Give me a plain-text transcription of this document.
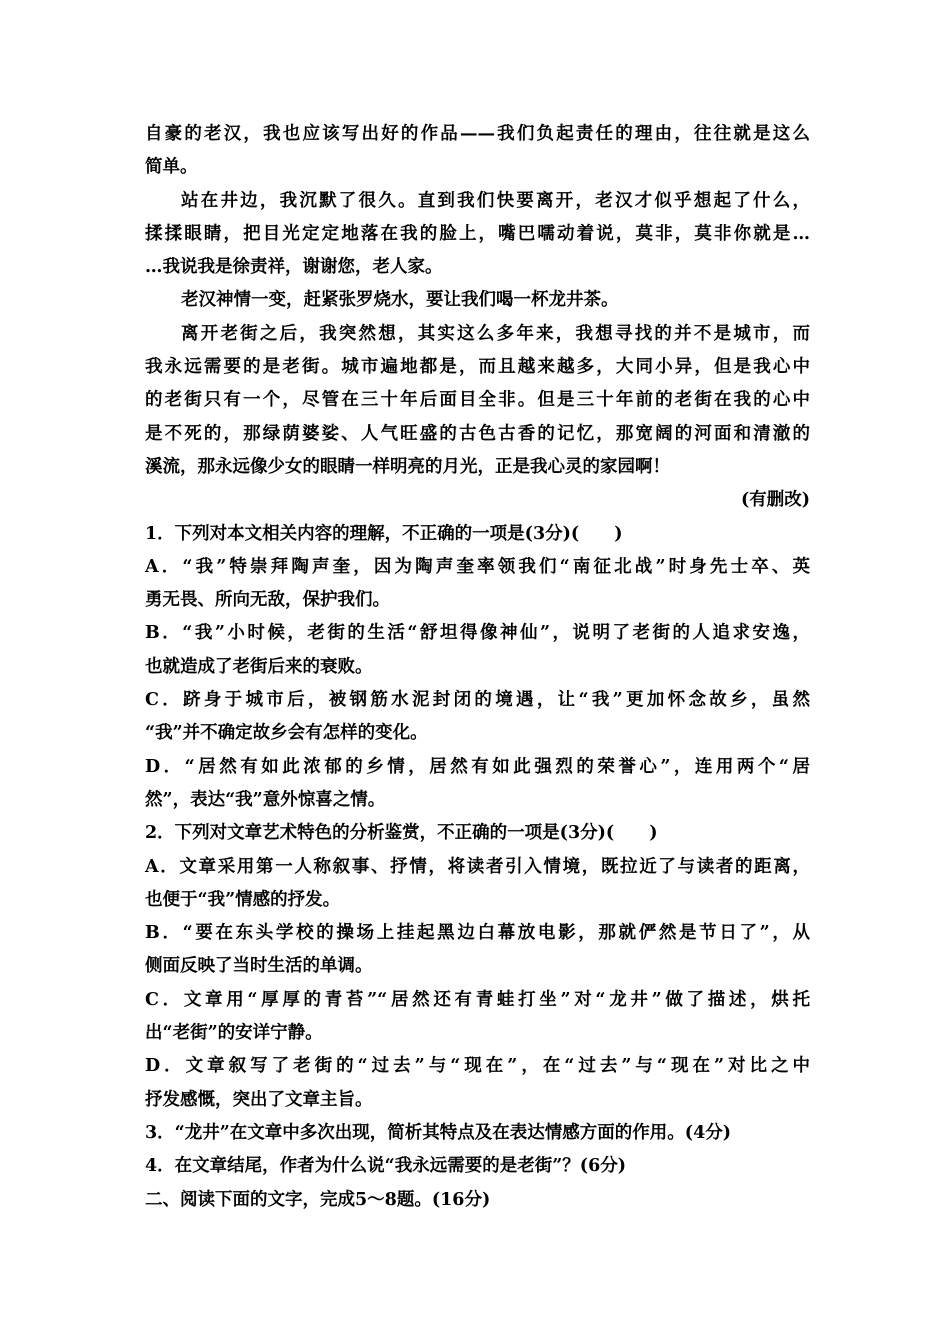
自豪的老汉，我也应该写出好的作品——我们负起责任的理由，往往就是这么
简单。
站在井边，我沉默了很久。直到我们快要离开，老汉才似乎想起了什么，
揉揉眼睛，把目光定定地落在我的脸上，嘴巴嚅动着说，莫非，莫非你就是…
…我说我是徐责祥，谢谢您，老人家。
老汉神情一变，赶紧张罗烧水，要让我们喝一杯龙井茶。
离开老街之后，我突然想，其实这么多年来，我想寻找的并不是城市，而
我永远需要的是老街。城市遍地都是，而且越来越多，大同小异，但是我心中
的老街只有一个，尽管在三十年后面目全非。但是三十年前的老街在我的心中
是不死的，那绿荫婆娑、人气旺盛的古色古香的记忆，那宽阔的河面和清澈的
溪流，那永远像少女的眼睛一样明亮的月光，正是我心灵的家园啊！
(有删改)
1．下列对本文相关内容的理解，不正确的一项是(3分)(　　)
A．“我”特崇拜陶声奎，因为陶声奎率领我们“南征北战”时身先士卒、英
勇无畏、所向无敌，保护我们。
B．“我”小时候，老街的生活“舒坦得像神仙”，说明了老街的人追求安逸，
也就造成了老街后来的衰败。
C．跻身于城市后，被钢筋水泥封闭的境遇，让“我”更加怀念故乡，虽然
“我”并不确定故乡会有怎样的变化。
D．“居然有如此浓郁的乡情，居然有如此强烈的荣誉心”，连用两个“居
然”，表达“我”意外惊喜之情。
2．下列对文章艺术特色的分析鉴赏，不正确的一项是(3分)(　　)
A．文章采用第一人称叙事、抒情，将读者引入情境，既拉近了与读者的距离，
也便于“我”情感的抒发。
B．“要在东头学校的操场上挂起黑边白幕放电影，那就俨然是节日了”，从
侧面反映了当时生活的单调。
C．文章用“厚厚的青苔”“居然还有青蛙打坐”对“龙井”做了描述，烘托
出“老街”的安详宁静。
D．文章叙写了老街的“过去”与“现在”，在“过去”与“现在”对比之中
抒发感慨，突出了文章主旨。
3．“龙井”在文章中多次出现，简析其特点及在表达情感方面的作用。(4分)
4．在文章结尾，作者为什么说“我永远需要的是老街”？(6分)
二、阅读下面的文字，完成5～8题。(16分)
